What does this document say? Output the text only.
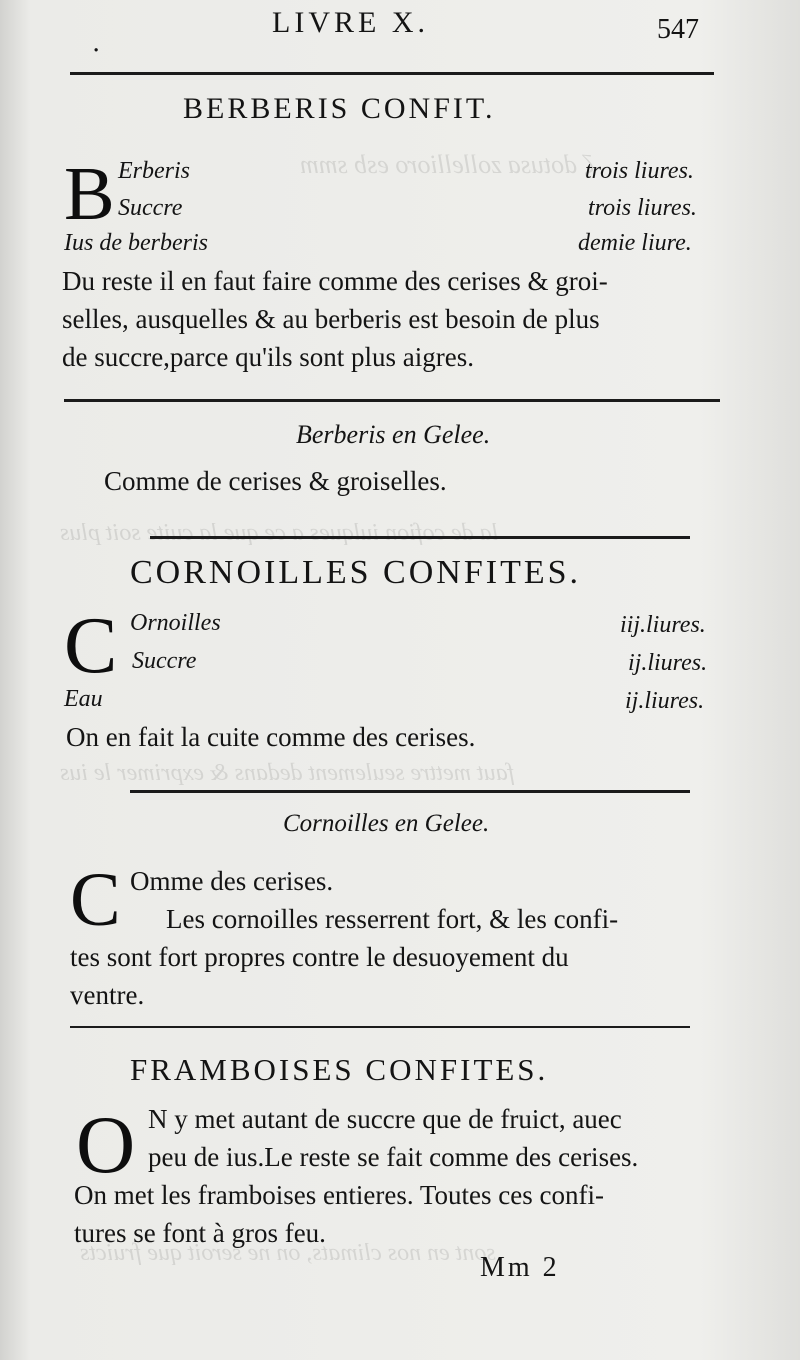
ζ dotusa zollellioro esb smm
la de cofion iulques a ce que la cuite soit plus
faut mettre seulement dedans & exprimer le ius
sont en nos climats, on ne seroit que fruicts
.
LIVRE X.	547
BERBERIS CONFIT.
B Erberis	trois liures.
Succre	trois liures.
Ius de berberis	demie liure.
Du reste il en faut faire comme des cerises & groi-
selles, ausquelles & au berberis est besoin de plus
de succre,parce qu'ils sont plus aigres.
Berberis en Gelee.
Comme de cerises & groiselles.
CORNOILLES CONFITES.
C Ornoilles	iij.liures.
Succre	ij.liures.
Eau	ij.liures.
On en fait la cuite comme des cerises.
Cornoilles en Gelee.
C Omme des cerises.
Les cornoilles resserrent fort, & les confi-
tes sont fort propres contre le desuoyement du
ventre.
FRAMBOISES CONFITES.
O N y met autant de succre que de fruict, auec
peu de ius.Le reste se fait comme des cerises.
On met les framboises entieres. Toutes ces confi-
tures se font à gros feu.
Mm 2
